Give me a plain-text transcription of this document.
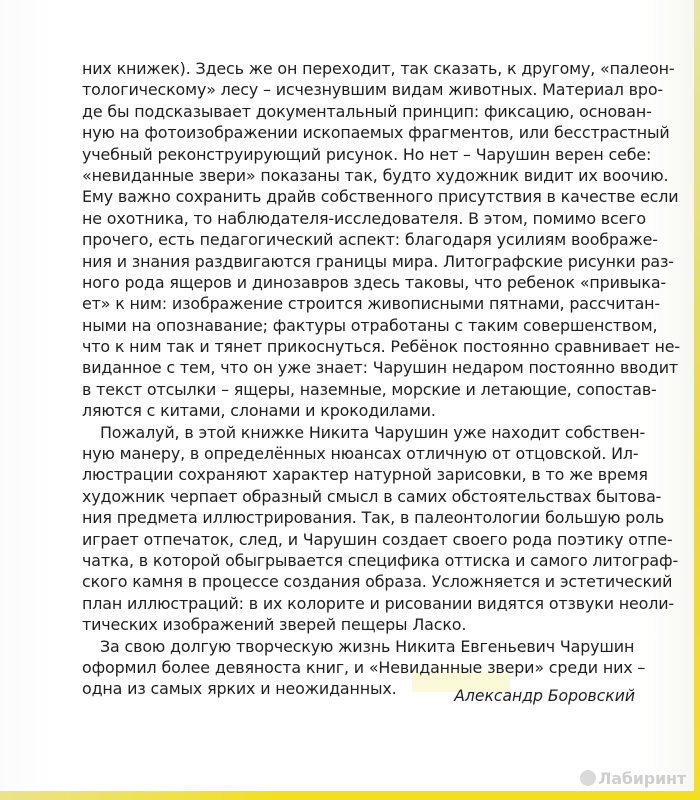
них книжек). Здесь же он переходит, так сказать, к другому, «палеон-
тологическому» лесу – исчезнувшим видам животных. Материал вро-
де бы подсказывает документальный принцип: фиксацию, основан-
ную на фотоизображении ископаемых фрагментов, или бесстрастный
учебный реконструирующий рисунок. Но нет – Чарушин верен себе:
«невиданные звери» показаны так, будто художник видит их воочию.
Ему важно сохранить драйв собственного присутствия в качестве если
не охотника, то наблюдателя-исследователя. В этом, помимо всего
прочего, есть педагогический аспект: благодаря усилиям воображе-
ния и знания раздвигаются границы мира. Литографские рисунки раз-
ного рода ящеров и динозавров здесь таковы, что ребенок «привыка-
ет» к ним: изображение строится живописными пятнами, рассчитан-
ными на опознавание; фактуры отработаны с таким совершенством,
что к ним так и тянет прикоснуться. Ребёнок постоянно сравнивает не-
виданное с тем, что он уже знает: Чарушин недаром постоянно вводит
в текст отсылки – ящеры, наземные, морские и летающие, сопостав-
ляются с китами, слонами и крокодилами.
Пожалуй, в этой книжке Никита Чарушин уже находит собствен-
ную манеру, в определённых нюансах отличную от отцовской. Ил-
люстрации сохраняют характер натурной зарисовки, в то же время
художник черпает образный смысл в самих обстоятельствах бытова-
ния предмета иллюстрирования. Так, в палеонтологии большую роль
играет отпечаток, след, и Чарушин создает своего рода поэтику отпе-
чатка, в которой обыгрывается специфика оттиска и самого литограф-
ского камня в процессе создания образа. Усложняется и эстетический
план иллюстраций: в их колорите и рисовании видятся отзвуки неоли-
тических изображений зверей пещеры Ласко.
За свою долгую творческую жизнь Никита Евгеньевич Чарушин
оформил более девяноста книг, и «Невиданные звери» среди них –
одна из самых ярких и неожиданных.	Александр Боровский
Лабиринт
